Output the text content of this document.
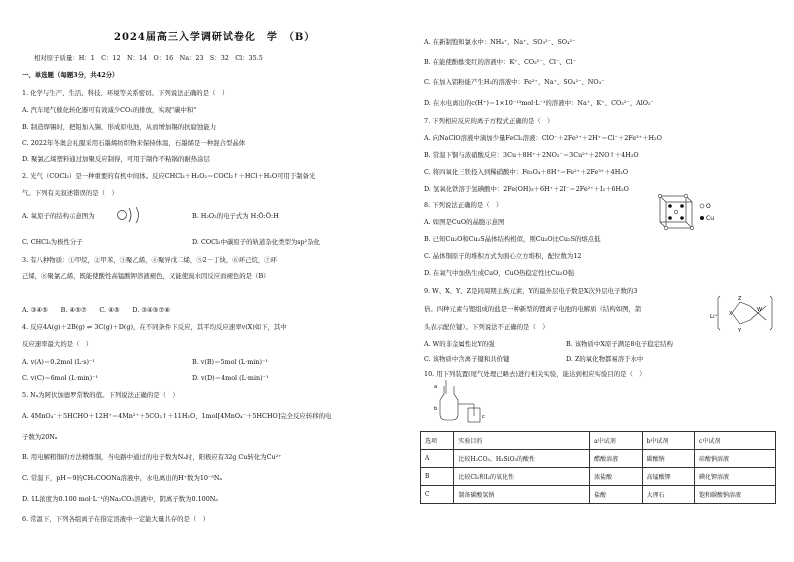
2024届高三入学调研试卷化　学　（B）
相对原子质量：H：1　C：12　N：14　O：16　Na：23　S：32　Cl：35.5
一、单选题（每题3分，共42分）
1. 化学与生产、生活、科技、环境等关系密切。下列说法正确的是（　）
A. 汽车尾气催化转化器可有效减少CO₂的排放，实现"碳中和"
B. 制造焊锡时，把铅加入锡，形成原电池，从而增加锡的抗腐蚀能力
C. 2022年冬奥会礼服采用石墨烯纺织物来保持体温，石墨烯是一种混合型晶体
D. 聚氯乙烯塑料通过加聚反应制得，可用于制作不粘锅的耐热涂层
2. 光气（COCl₂）是一种重要的有机中间体。反应CHCl₃＋H₂O₂＝COCl₂↑＋HCl＋H₂O可用于制备光
气。下列有关叙述错误的是（　）
A. 氧原子的结构示意图为	B. H₂O₂的电子式为 H:Ö:Ö:H
C. CHCl₃为极性分子	D. COCl₂中碳原子的轨道杂化类型为sp²杂化
3. 有八种物质：①甲烷，②甲苯，③聚乙烯，④聚异戊二烯，⑤2－丁炔，⑥环己烷，⑦环
己烯，⑧聚氯乙烯，既能使酸性高锰酸钾溶液褪色，又能使溴水因反应而褪色的是（B）
A. ③④⑤　　B. ④⑤⑦　　C. ④⑤　　D. ③④⑤⑦⑧
4. 反应4A(g)＋2B(g) ⇌ 3C(g)＋D(g)，在不同条件下反应，其平均反应速率v(X)如下，其中
反应速率最大的是（　）
A. v(A)＝0.2mol (L·s)⁻¹	B. v(B)＝5mol (L·min)⁻¹
C. v(C)＝6mol (L·min)⁻¹	D. v(D)＝4mol (L·min)⁻¹
5. Nₐ为阿伏加德罗常数的值。下列说法正确的是（　）
A. 4MnO₄⁻＋5HCHO＋12H⁺＝4Mn²⁺＋5CO₂↑＋11H₂O，1mol[4MnO₄⁻＋5HCHO]完全反应转移的电
子数为20Nₐ
B. 用电解粗铜的方法精炼铜，当电路中通过的电子数为Nₐ时，阳极应有32g Cu转化为Cu²⁺
C. 常温下，pH＝9的CH₃COONa溶液中，水电离出的H⁺数为10⁻⁵Nₐ
D. 1L浓度为0.100 mol·L⁻¹的Na₂CO₃溶液中，阴离子数为0.100Nₐ
6. 常温下，下列各组离子在指定溶液中一定能大量共存的是（　）
A. 在新制饱和氯水中：NH₄⁺、Na⁺、SO₃²⁻、SO₄²⁻
B. 在能使酚酞变红的溶液中：K⁺、CO₃²⁻、Cl⁻、Cl⁻
C. 在加入铝粉能产生H₂的溶液中：Fe²⁺、Na⁺、SO₄²⁻、NO₃⁻
D. 在水电离出的c(H⁺)＝1×10⁻¹³mol·L⁻¹的溶液中：Na⁺、K⁺、CO₃²⁻、AlO₂⁻
7. 下列相应反应的离子方程式正确的是（　）
A. 向NaClO溶液中滴加少量FeCl₂溶液：ClO⁻＋2Fe²⁺＋2H⁺＝Cl⁻＋2Fe³⁺＋H₂O
B. 常温下铜与浓硝酸反应：3Cu＋8H⁺＋2NO₃⁻＝3Cu²⁺＋2NO↑＋4H₂O
C. 将四氧化三铁投入到稀硝酸中：Fe₃O₄＋8H⁺＝Fe²⁺＋2Fe³⁺＋4H₂O
D. 氢氧化铁溶于氢碘酸中：2Fe(OH)₃＋6H⁺＋2I⁻＝2Fe²⁺＋I₂＋6H₂O
8. 下列说法正确的是（　）
A. 如图是CuO的晶胞示意图
B. 已知Cu₂O和Cu₂S晶体结构相似，则Cu₂O比Cu₂S的熔点低
C. 晶体铜原子的堆积方式为面心立方堆积，配位数为12
D. 在氧气中加热生成CuO，CuO热稳定性比Cu₂O强
9. W、X、Y、Z是同周期主族元素，Y的最外层电子数是X次外层电子数的3
倍。四种元素与锂组成的盐是一种新型的锂离子电池的电解质（结构如图，箭
头表示配位键）。下列说法不正确的是（　）
A. W的非金属性比Y的强	B. 该物质中X原子满足8电子稳定结构
C. 该物质中含离子键和共价键	D. Z的氧化物都易溶于水中
10. 用下列装置(尾气处理已略去)进行相关实验，能达到相应实验目的是（　）
O
Cu
Li⁺ X
W
Z
Y
a
b
c
选项	实验目的	a中试剂	b中试剂	c中试剂
A	比较H₂CO₃、H₂SiO₃的酸性	醋酸溶液	碳酸钠	硅酸钠溶液
B	比较Cl₂和I₂的氧化性	浓盐酸	高锰酸钾	碘化钾溶液
C	制备碳酸氢钠	盐酸	大理石	饱和碳酸钠溶液
